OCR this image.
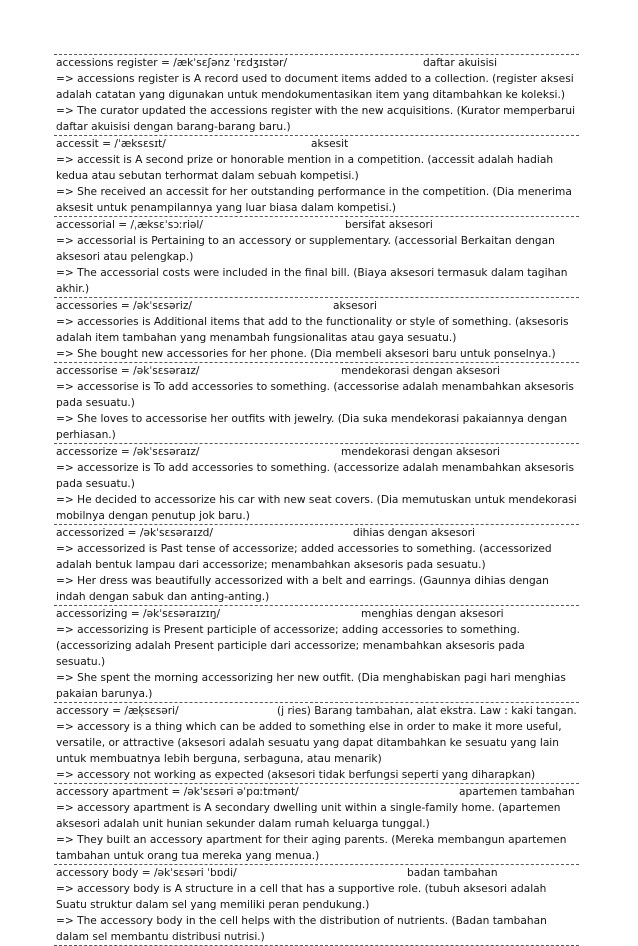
accessions register = /ækˈsɛʃənz ˈrɛdʒɪstər/	daftar akuisisi

=> accessions register is A record used to document items added to a collection. (register aksesi adalah catatan yang digunakan untuk mendokumentasikan item yang ditambahkan ke koleksi.)

=> The curator updated the accessions register with the new acquisitions. (Kurator memperbarui daftar akuisisi dengan barang-barang baru.)

accessit = /ˈæksɛsɪt/	aksesit

=> accessit is A second prize or honorable mention in a competition. (accessit adalah hadiah kedua atau sebutan terhormat dalam sebuah kompetisi.)

=> She received an accessit for her outstanding performance in the competition. (Dia menerima aksesit untuk penampilannya yang luar biasa dalam kompetisi.)

accessorial = /ˌæksɛˈsɔːriəl/	bersifat aksesori

=> accessorial is Pertaining to an accessory or supplementary. (accessorial Berkaitan dengan aksesori atau pelengkap.)

=> The accessorial costs were included in the final bill. (Biaya aksesori termasuk dalam tagihan akhir.)

accessories = /əkˈsɛsəriz/	aksesori

=> accessories is Additional items that add to the functionality or style of something. (aksesoris adalah item tambahan yang menambah fungsionalitas atau gaya sesuatu.)

=> She bought new accessories for her phone. (Dia membeli aksesori baru untuk ponselnya.)

accessorise = /əkˈsɛsəraɪz/	mendekorasi dengan aksesori

=> accessorise is To add accessories to something. (accessorise adalah menambahkan aksesoris pada sesuatu.)

=> She loves to accessorise her outfits with jewelry. (Dia suka mendekorasi pakaiannya dengan perhiasan.)

accessorize = /əkˈsɛsəraɪz/	mendekorasi dengan aksesori

=> accessorize is To add accessories to something. (accessorize adalah menambahkan aksesoris pada sesuatu.)

=> He decided to accessorize his car with new seat covers. (Dia memutuskan untuk mendekorasi mobilnya dengan penutup jok baru.)

accessorized = /əkˈsɛsəraɪzd/	dihias dengan aksesori

=> accessorized is Past tense of accessorize; added accessories to something. (accessorized adalah bentuk lampau dari accessorize; menambahkan aksesoris pada sesuatu.)

=> Her dress was beautifully accessorized with a belt and earrings. (Gaunnya dihias dengan indah dengan sabuk dan anting-anting.)

accessorizing = /əkˈsɛsəraɪzɪŋ/	menghias dengan aksesori

=> accessorizing is Present participle of accessorize; adding accessories to something. (accessorizing adalah Present participle dari accessorize; menambahkan aksesoris pada sesuatu.)

=> She spent the morning accessorizing her new outfit. (Dia menghabiskan pagi hari menghias pakaian barunya.)

accessory = /æk̩sɛsəri/	(j ries) Barang tambahan, alat ekstra. Law : kaki tangan.

=> accessory is a thing which can be added to something else in order to make it more useful, versatile, or attractive (aksesori adalah sesuatu yang dapat ditambahkan ke sesuatu yang lain untuk membuatnya lebih berguna, serbaguna, atau menarik)

=> accessory not working as expected (aksesori tidak berfungsi seperti yang diharapkan)

accessory apartment = /əkˈsɛsəri əˈpɑːtmənt/	apartemen tambahan

=> accessory apartment is A secondary dwelling unit within a single-family home. (apartemen aksesori adalah unit hunian sekunder dalam rumah keluarga tunggal.)

=> They built an accessory apartment for their aging parents. (Mereka membangun apartemen tambahan untuk orang tua mereka yang menua.)

accessory body = /əkˈsɛsəri ˈbɒdi/	badan tambahan

=> accessory body is A structure in a cell that has a supportive role. (tubuh aksesori adalah Suatu struktur dalam sel yang memiliki peran pendukung.)

=> The accessory body in the cell helps with the distribution of nutrients. (Badan tambahan dalam sel membantu distribusi nutrisi.)
